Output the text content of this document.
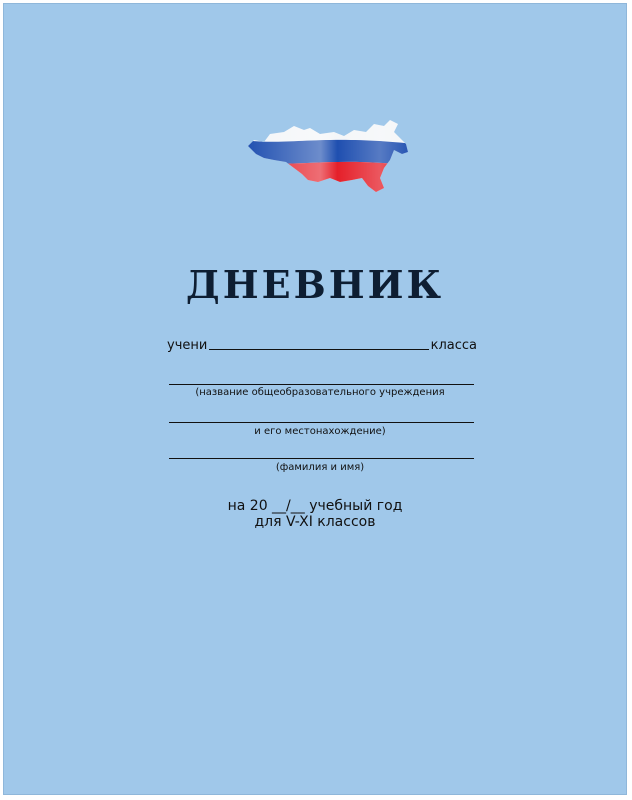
ДНЕВНИК
учени	класса
(название общеобразовательного учреждения
и его местонахождение)
(фамилия и имя)
на 20 __/__ учебный год
для V-XI классов
